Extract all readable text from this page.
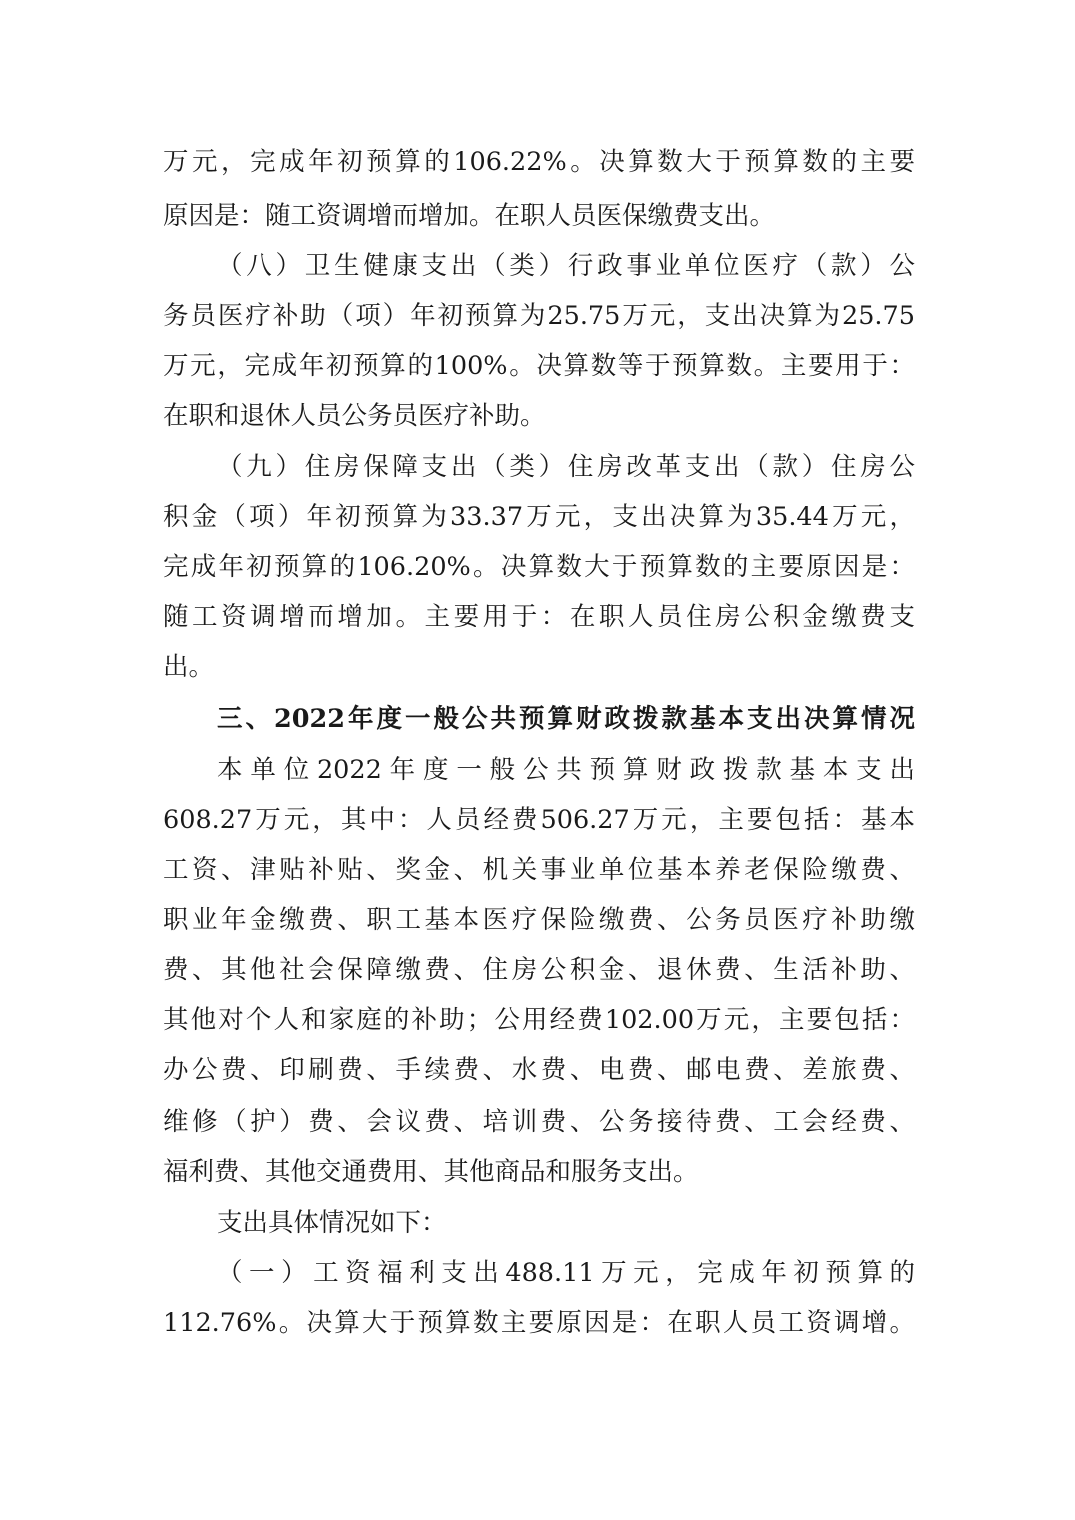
万元，完成年初预算的106.22%。决算数大于预算数的主要
原因是：随工资调增而增加。在职人员医保缴费支出。
（八）卫生健康支出（类）行政事业单位医疗（款）公
务员医疗补助（项）年初预算为25.75万元，支出决算为25.75
万元，完成年初预算的100%。决算数等于预算数。主要用于：
在职和退休人员公务员医疗补助。
（九）住房保障支出（类）住房改革支出（款）住房公
积金（项）年初预算为33.37万元，支出决算为35.44万元，
完成年初预算的106.20%。决算数大于预算数的主要原因是：
随工资调增而增加。主要用于：在职人员住房公积金缴费支
出。
三、2022年度一般公共预算财政拨款基本支出决算情况
本单位2022年度一般公共预算财政拨款基本支出
608.27万元，其中：人员经费506.27万元，主要包括：基本
工资、津贴补贴、奖金、机关事业单位基本养老保险缴费、
职业年金缴费、职工基本医疗保险缴费、公务员医疗补助缴
费、其他社会保障缴费、住房公积金、退休费、生活补助、
其他对个人和家庭的补助；公用经费102.00万元，主要包括：
办公费、印刷费、手续费、水费、电费、邮电费、差旅费、
维修（护）费、会议费、培训费、公务接待费、工会经费、
福利费、其他交通费用、其他商品和服务支出。
支出具体情况如下：
（一）工资福利支出488.11万元，完成年初预算的
112.76%。决算大于预算数主要原因是：在职人员工资调增。
